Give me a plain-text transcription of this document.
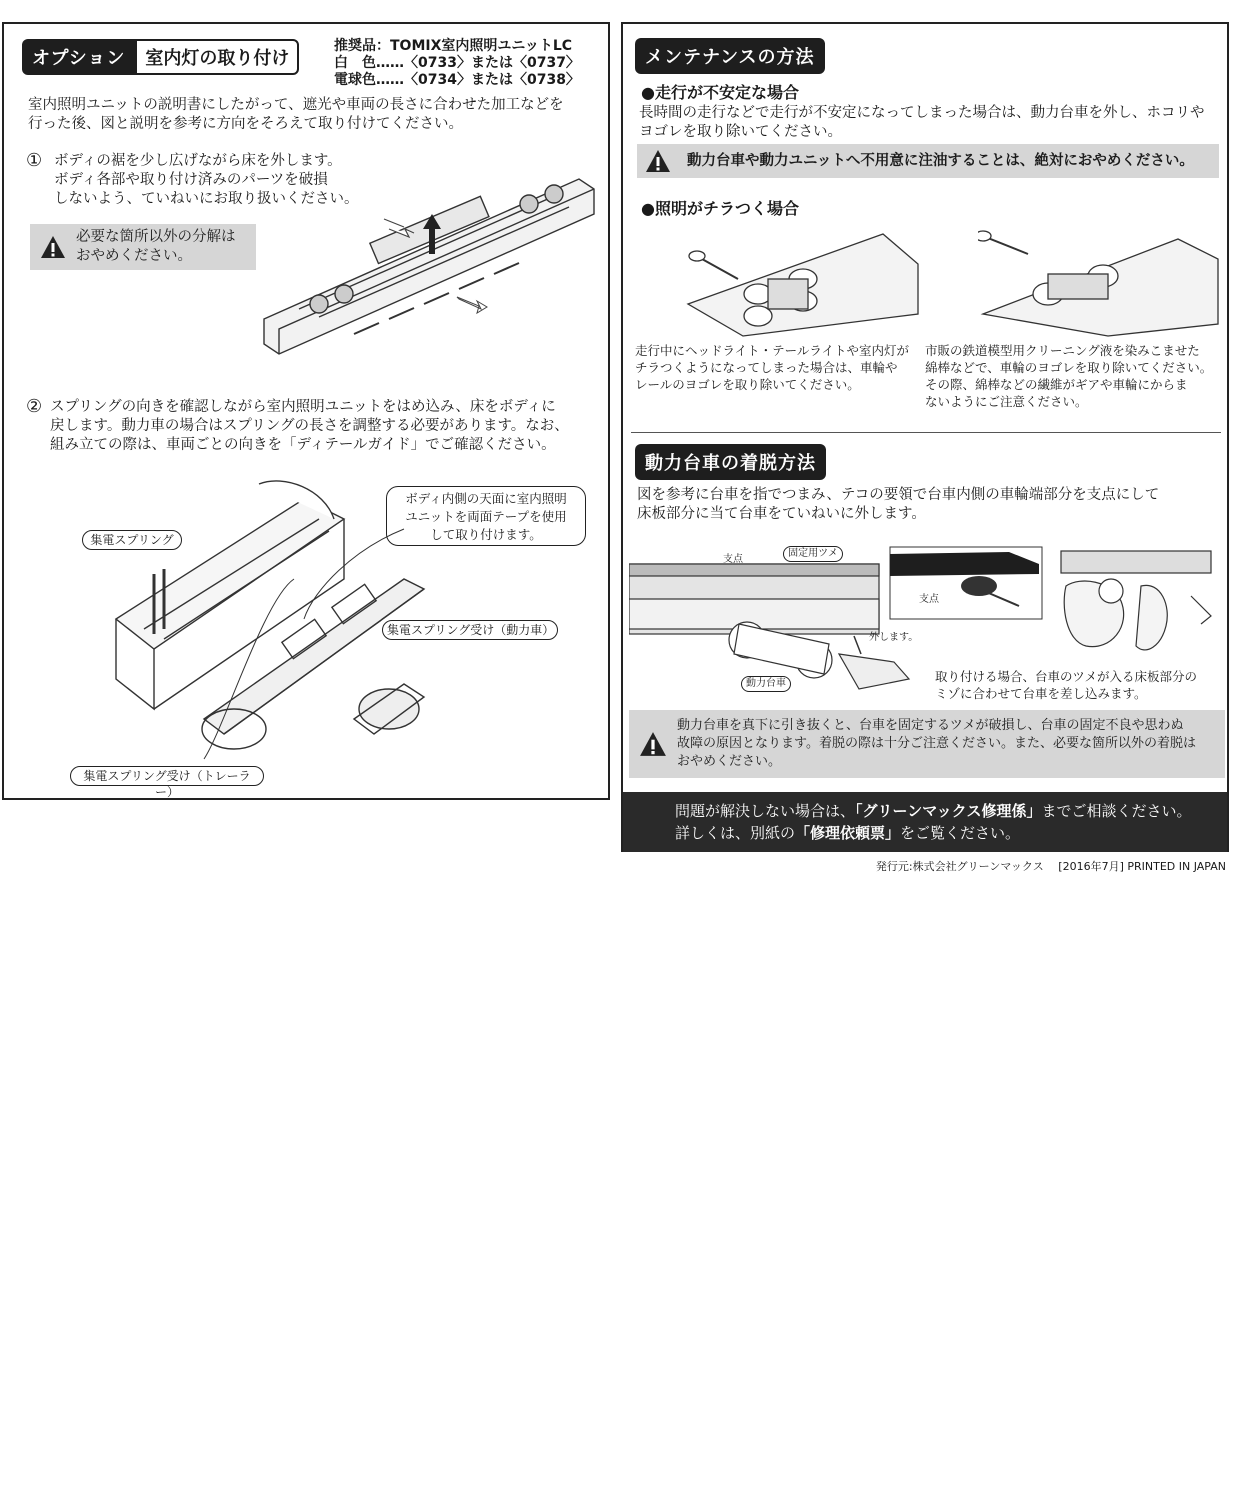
オプション	室内灯の取り付け
推奨品：TOMIX室内照明ユニットLC
白　色……〈0733〉または〈0737〉
電球色……〈0734〉または〈0738〉
室内照明ユニットの説明書にしたがって、遮光や車両の長さに合わせた加工などを
行った後、図と説明を参考に方向をそろえて取り付けてください。
① ボディの裾を少し広げながら床を外します。
ボディ各部や取り付け済みのパーツを破損
しないよう、ていねいにお取り扱いください。
必要な箇所以外の分解は
おやめください。
② スプリングの向きを確認しながら室内照明ユニットをはめ込み、床をボディに
戻します。動力車の場合はスプリングの長さを調整する必要があります。なお、
組み立ての際は、車両ごとの向きを「ディテールガイド」でご確認ください。
ボディ内側の天面に室内照明
ユニットを両面テープを使用
して取り付けます。
集電スプリング
集電スプリング受け（動力車）
集電スプリング受け（トレーラー）
メンテナンスの方法
●走行が不安定な場合
長時間の走行などで走行が不安定になってしまった場合は、動力台車を外し、ホコリや
ヨゴレを取り除いてください。
動力台車や動力ユニットへ不用意に注油することは、絶対におやめください。
●照明がチラつく場合
走行中にヘッドライト・テールライトや室内灯が
チラつくようになってしまった場合は、車輪や
レールのヨゴレを取り除いてください。
市販の鉄道模型用クリーニング液を染みこませた
綿棒などで、車輪のヨゴレを取り除いてください。
その際、綿棒などの繊維がギアや車輪にからま
ないようにご注意ください。
動力台車の着脱方法
図を参考に台車を指でつまみ、テコの要領で台車内側の車輪端部分を支点にして
床板部分に当て台車をていねいに外します。
支点
固定用ツメ
外します。
動力台車
支点
取り付ける場合、台車のツメが入る床板部分の
ミゾに合わせて台車を差し込みます。
動力台車を真下に引き抜くと、台車を固定するツメが破損し、台車の固定不良や思わぬ
故障の原因となります。着脱の際は十分ご注意ください。また、必要な箇所以外の着脱は
おやめください。
問題が解決しない場合は、「グリーンマックス修理係」までご相談ください。
詳しくは、別紙の「修理依頼票」をご覧ください。
発行元:株式会社グリーンマックス　 [2016年7月] PRINTED IN JAPAN
